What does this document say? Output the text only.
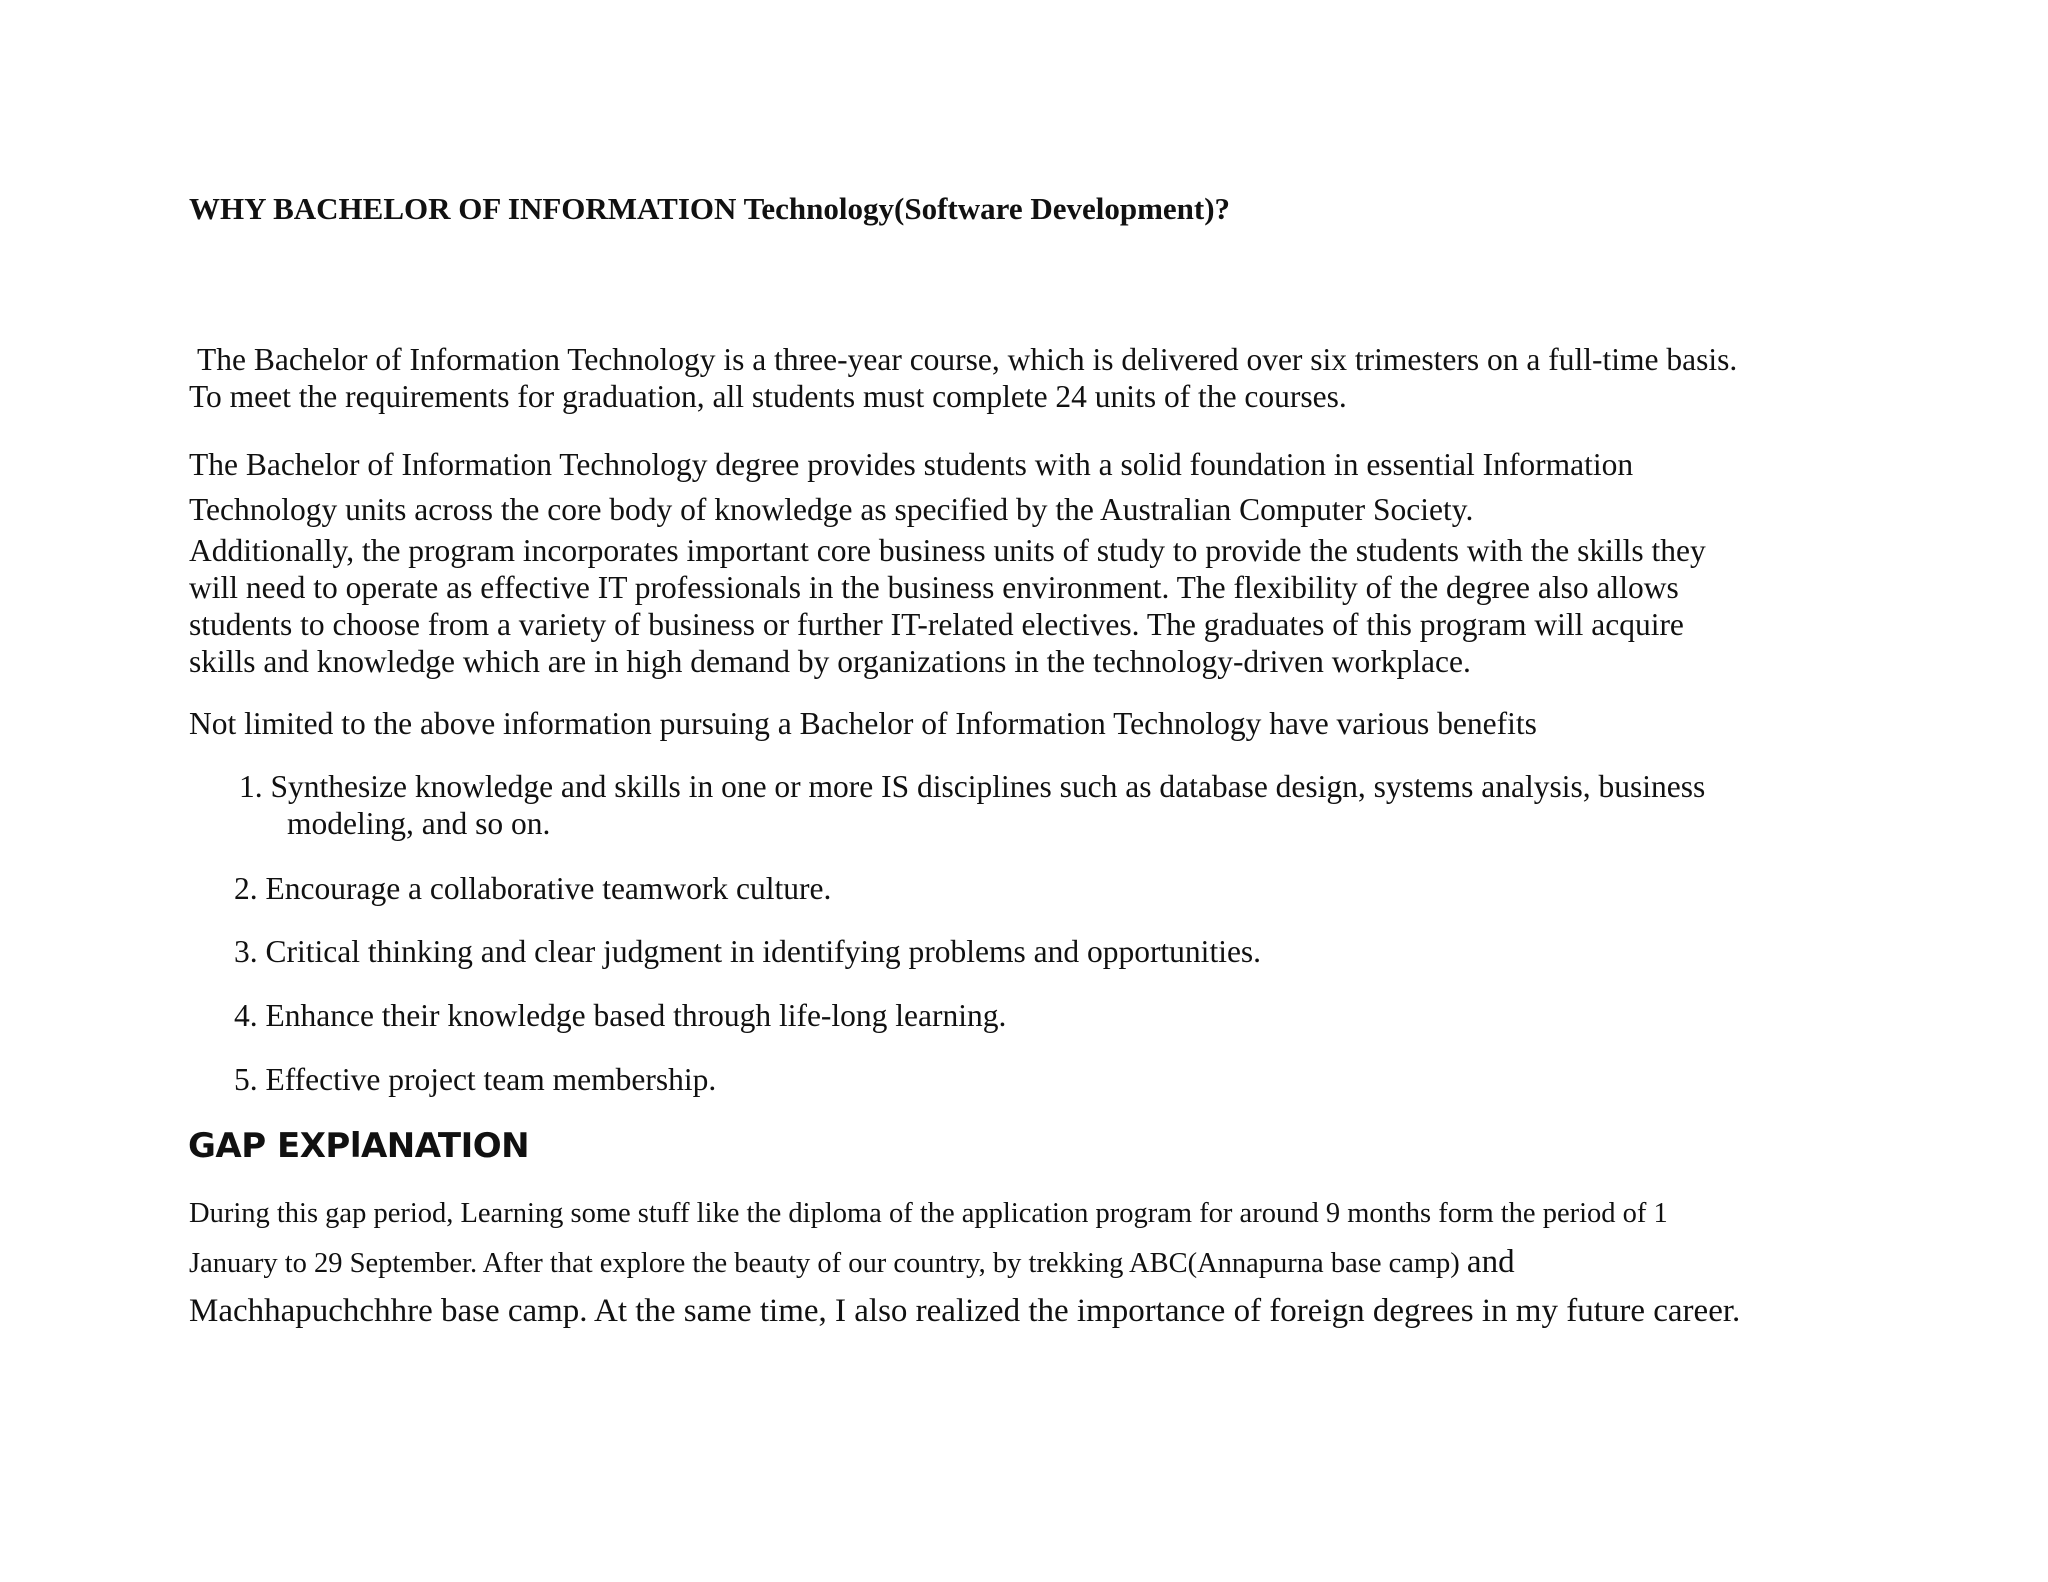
WHY BACHELOR OF INFORMATION Technology(Software Development)?

The Bachelor of Information Technology is a three-year course, which is delivered over six trimesters on a full-time basis.
To meet the requirements for graduation, all students must complete 24 units of the courses.

The Bachelor of Information Technology degree provides students with a solid foundation in essential Information
Technology units across the core body of knowledge as specified by the Australian Computer Society.

Additionally, the program incorporates important core business units of study to provide the students with the skills they
will need to operate as effective IT professionals in the business environment. The flexibility of the degree also allows
students to choose from a variety of business or further IT-related electives. The graduates of this program will acquire
skills and knowledge which are in high demand by organizations in the technology-driven workplace.

Not limited to the above information pursuing a Bachelor of Information Technology have various benefits

1. Synthesize knowledge and skills in one or more IS disciplines such as database design, systems analysis, business
modeling, and so on.
2. Encourage a collaborative teamwork culture.
3. Critical thinking and clear judgment in identifying problems and opportunities.
4. Enhance their knowledge based through life-long learning.
5. Effective project team membership.
GAP EXPlANATION

During this gap period, Learning some stuff like the diploma of the application program for around 9 months form the period of 1
January to 29 September. After that explore the beauty of our country, by trekking ABC(Annapurna base camp) and
Machhapuchchhre base camp. At the same time, I also realized the importance of foreign degrees in my future career.
